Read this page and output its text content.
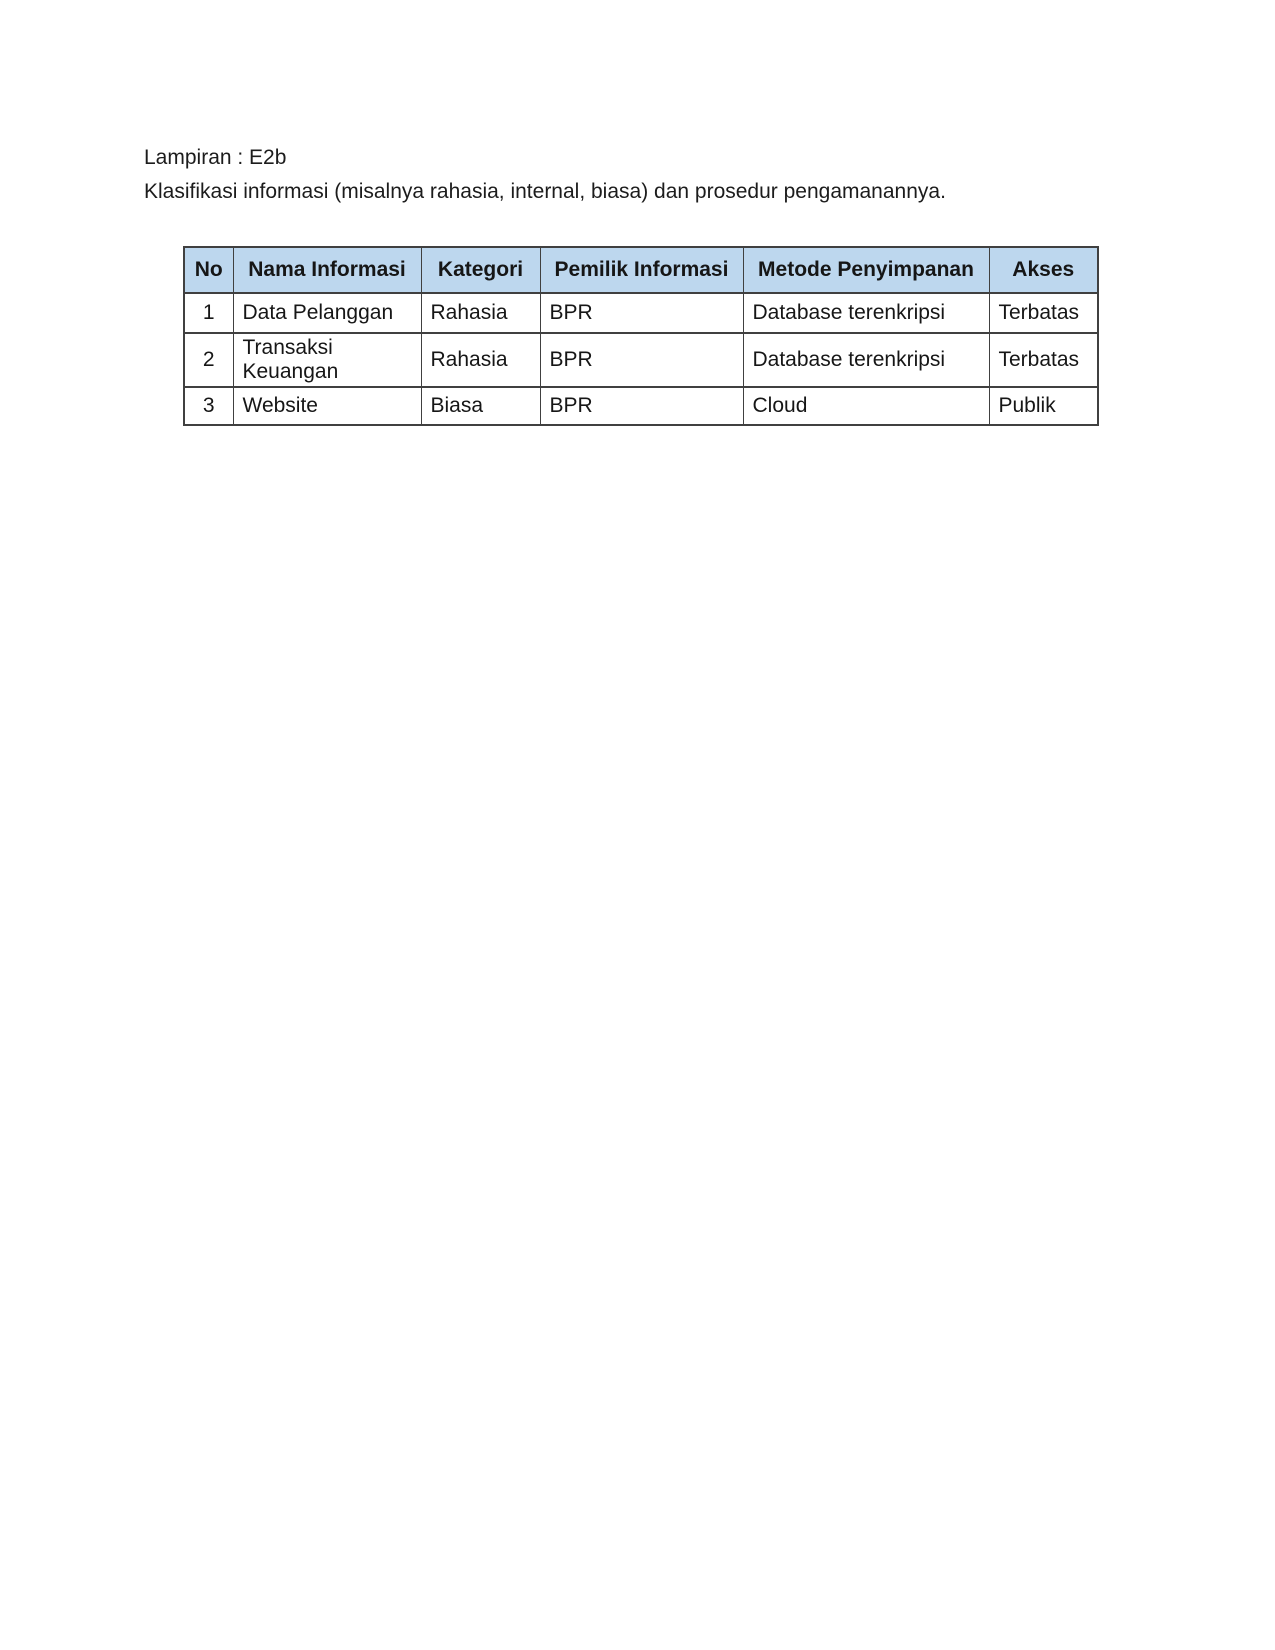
Lampiran : E2b
Klasifikasi informasi (misalnya rahasia, internal, biasa) dan prosedur pengamanannya.
No	Nama Informasi	Kategori	Pemilik Informasi	Metode Penyimpanan	Akses
1	Data Pelanggan	Rahasia	BPR	Database terenkripsi	Terbatas
2	Transaksi Keuangan	Rahasia	BPR	Database terenkripsi	Terbatas
3	Website	Biasa	BPR	Cloud	Publik
